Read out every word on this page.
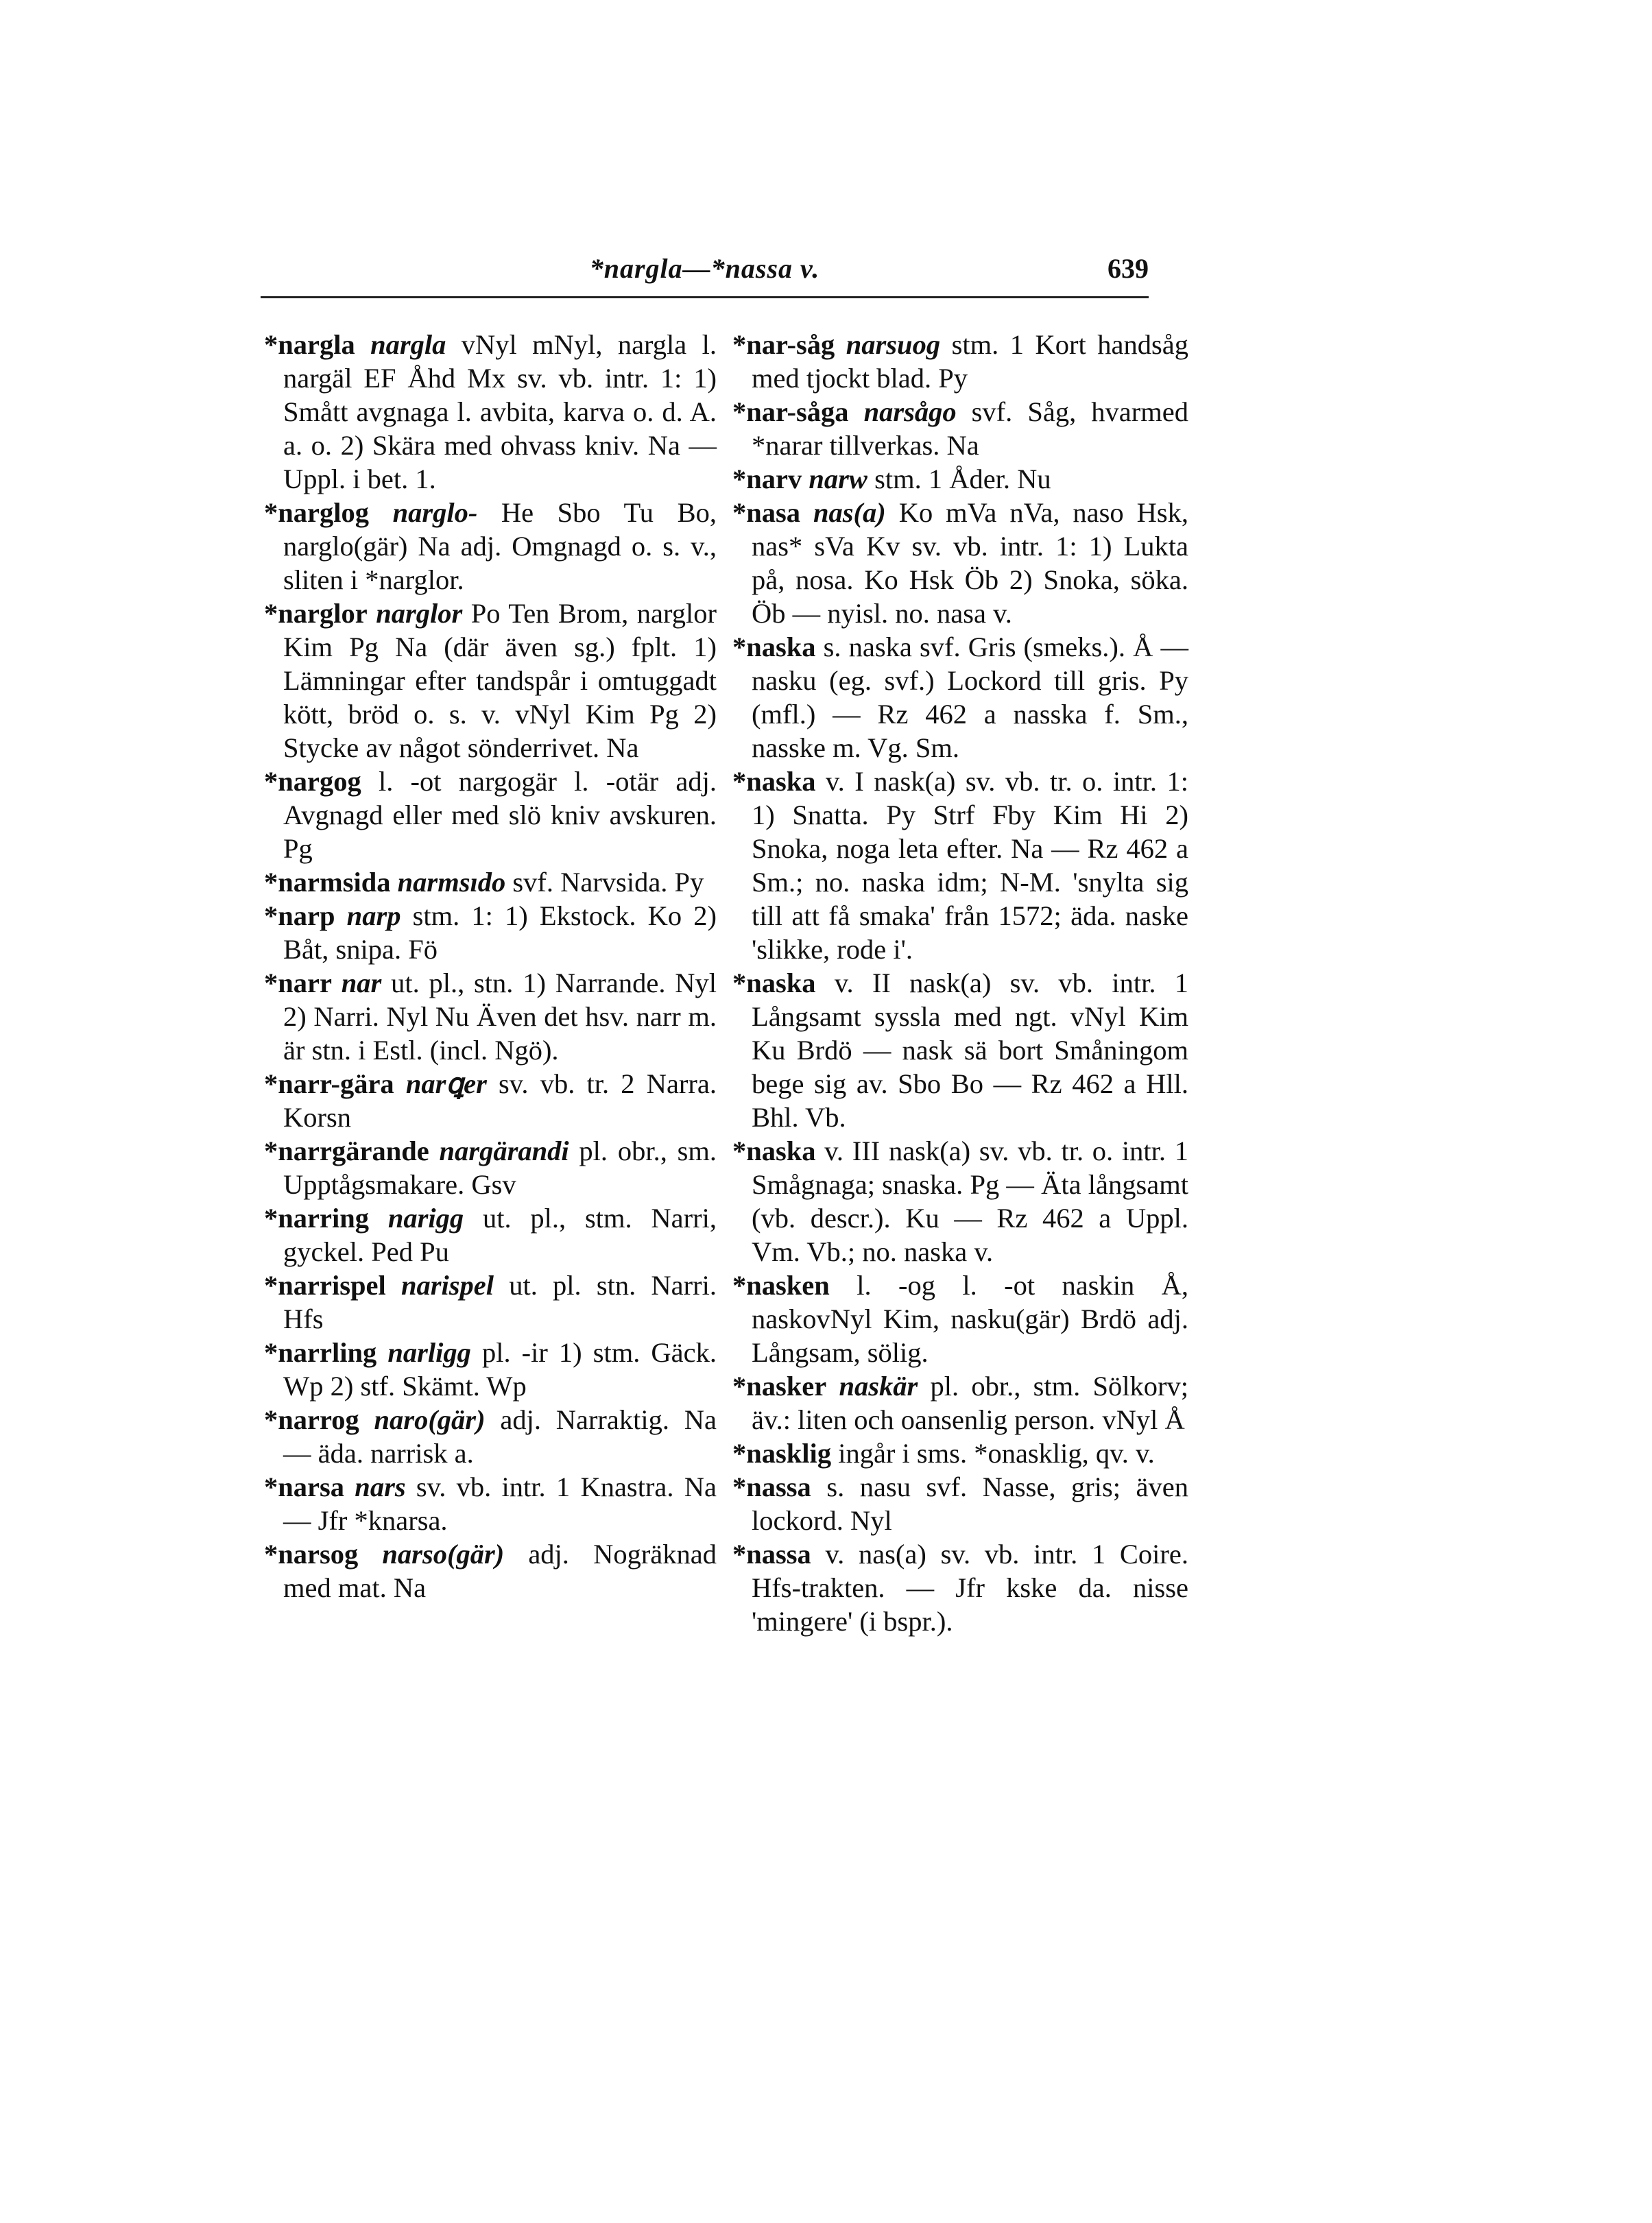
*nargla—*nassa v.	639

*nargla nargla vNyl mNyl, nargla l. nargäl EF Åhd Mx sv. vb. intr. 1: 1) Smått avgnaga l. avbita, karva o. d. A. a. o. 2) Skära med ohvass kniv. Na — Uppl. i bet. 1.

*narglog narglo- He Sbo Tu Bo, narglo(gär) Na adj. Omgnagd o. s. v., sliten i *narglor.

*narglor narglor Po Ten Brom, narglor Kim Pg Na (där även sg.) fplt. 1) Lämningar efter tandspår i omtuggadt kött, bröd o. s. v. vNyl Kim Pg 2) Stycke av något sönderrivet. Na

*nargog l. -ot nargogär l. -otär adj. Avgnagd eller med slö kniv avskuren. Pg

*narmsida narmsıdo svf. Narvsida. Py

*narp narp stm. 1: 1) Ekstock. Ko 2) Båt, snipa. Fö

*narr nar ut. pl., stn. 1) Narrande. Nyl 2) Narri. Nyl Nu Även det hsv. narr m. är stn. i Estl. (incl. Ngö).

*narr-gära narꝗer sv. vb. tr. 2 Narra. Korsn

*narrgärande nargärandi pl. obr., sm. Upptågsmakare. Gsv

*narring narigg ut. pl., stm. Narri, gyckel. Ped Pu

*narrispel narispel ut. pl. stn. Narri. Hfs

*narrling narligg pl. -ir 1) stm. Gäck. Wp 2) stf. Skämt. Wp

*narrog naro(gär) adj. Narraktig. Na — äda. narrisk a.

*narsa nars sv. vb. intr. 1 Knastra. Na — Jfr *knarsa.

*narsog narso(gär) adj. Nogräknad med mat. Na

*nar-såg narsuog stm. 1 Kort handsåg med tjockt blad. Py

*nar-såga narsågo svf. Såg, hvarmed *narar tillverkas. Na

*narv narw stm. 1 Åder. Nu

*nasa nas(a) Ko mVa nVa, naso Hsk, nas* sVa Kv sv. vb. intr. 1: 1) Lukta på, nosa. Ko Hsk Öb 2) Snoka, söka. Öb — nyisl. no. nasa v.

*naska s. naska svf. Gris (smeks.). Å — nasku (eg. svf.) Lockord till gris. Py (mfl.) — Rz 462 a nasska f. Sm., nasske m. Vg. Sm.

*naska v. I nask(a) sv. vb. tr. o. intr. 1: 1) Snatta. Py Strf Fby Kim Hi 2) Snoka, noga leta efter. Na — Rz 462 a Sm.; no. naska idm; N-M. 'snylta sig till att få smaka' från 1572; äda. naske 'slikke, rode i'.

*naska v. II nask(a) sv. vb. intr. 1 Långsamt syssla med ngt. vNyl Kim Ku Brdö — nask sä bort Småningom bege sig av. Sbo Bo — Rz 462 a Hll. Bhl. Vb.

*naska v. III nask(a) sv. vb. tr. o. intr. 1 Smågnaga; snaska. Pg — Äta långsamt (vb. descr.). Ku — Rz 462 a Uppl. Vm. Vb.; no. naska v.

*nasken l. -og l. -ot naskin Å, naskovNyl Kim, nasku(gär) Brdö adj. Långsam, sölig.

*nasker naskär pl. obr., stm. Sölkorv; äv.: liten och oansenlig person. vNyl Å

*nasklig ingår i sms. *onasklig, qv. v.

*nassa s. nasu svf. Nasse, gris; även lockord. Nyl

*nassa v. nas(a) sv. vb. intr. 1 Coire. Hfs-trakten. — Jfr kske da. nisse 'mingere' (i bspr.).
